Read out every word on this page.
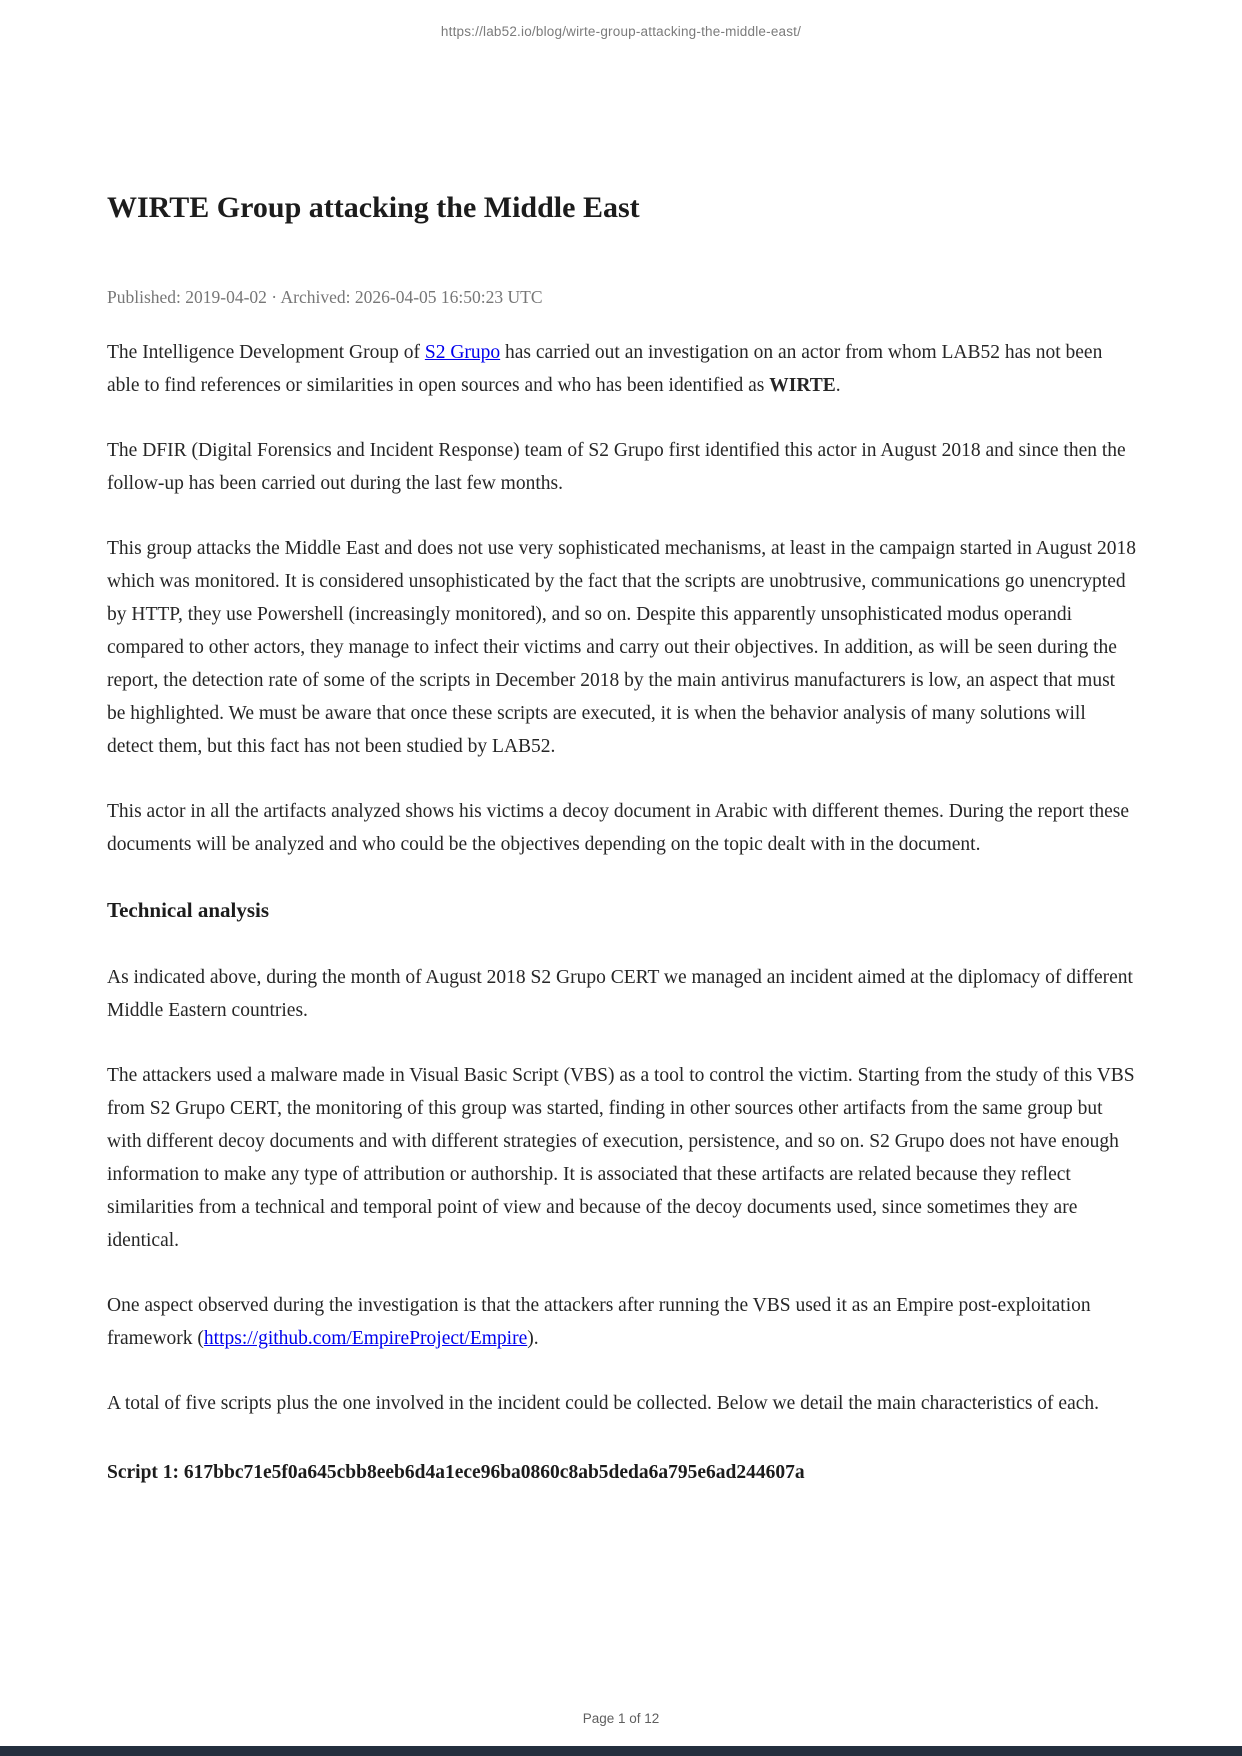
https://lab52.io/blog/wirte-group-attacking-the-middle-east/
WIRTE Group attacking the Middle East
Published: 2019-04-02 · Archived: 2026-04-05 16:50:23 UTC

The Intelligence Development Group of S2 Grupo has carried out an investigation on an actor from whom LAB52 has not been able to find references or similarities in open sources and who has been identified as WIRTE.

The DFIR (Digital Forensics and Incident Response) team of S2 Grupo first identified this actor in August 2018 and since then the follow-up has been carried out during the last few months.

This group attacks the Middle East and does not use very sophisticated mechanisms, at least in the campaign started in August 2018 which was monitored. It is considered unsophisticated by the fact that the scripts are unobtrusive, communications go unencrypted by HTTP, they use Powershell (increasingly monitored), and so on. Despite this apparently unsophisticated modus operandi compared to other actors, they manage to infect their victims and carry out their objectives. In addition, as will be seen during the report, the detection rate of some of the scripts in December 2018 by the main antivirus manufacturers is low, an aspect that must be highlighted. We must be aware that once these scripts are executed, it is when the behavior analysis of many solutions will detect them, but this fact has not been studied by LAB52.

This actor in all the artifacts analyzed shows his victims a decoy document in Arabic with different themes. During the report these documents will be analyzed and who could be the objectives depending on the topic dealt with in the document.

Technical analysis

As indicated above, during the month of August 2018 S2 Grupo CERT we managed an incident aimed at the diplomacy of different Middle Eastern countries.

The attackers used a malware made in Visual Basic Script (VBS) as a tool to control the victim. Starting from the study of this VBS from S2 Grupo CERT, the monitoring of this group was started, finding in other sources other artifacts from the same group but with different decoy documents and with different strategies of execution, persistence, and so on. S2 Grupo does not have enough information to make any type of attribution or authorship. It is associated that these artifacts are related because they reflect similarities from a technical and temporal point of view and because of the decoy documents used, since sometimes they are identical.

One aspect observed during the investigation is that the attackers after running the VBS used it as an Empire post-exploitation framework (https://github.com/EmpireProject/Empire).

A total of five scripts plus the one involved in the incident could be collected. Below we detail the main characteristics of each.

Script 1: 617bbc71e5f0a645cbb8eeb6d4a1ece96ba0860c8ab5deda6a795e6ad244607a

Page 1 of 12
